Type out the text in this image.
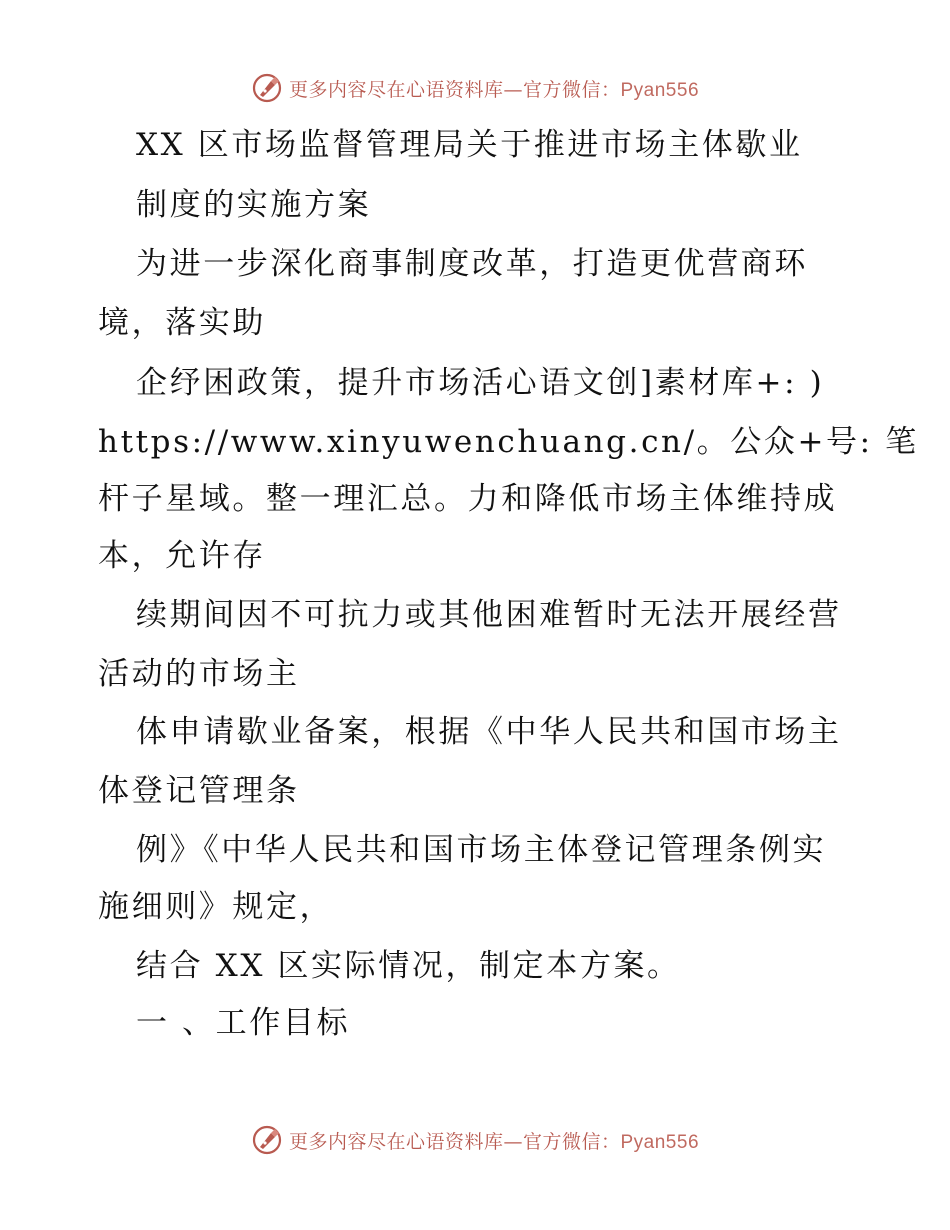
更多内容尽在心语资料库—官方微信：Pyan556
XX 区市场监督管理局关于推进市场主体歇业
制度的实施方案
为进一步深化商事制度改革，打造更优营商环
境，落实助
企纾困政策，提升市场活心语文创]素材库+: )
https://www.xinyuwenchuang.cn/。公众+号: 笔
杆子星域。整一理汇总。力和降低市场主体维持成
本，允许存
续期间因不可抗力或其他困难暂时无法开展经营
活动的市场主
体申请歇业备案，根据《中华人民共和国市场主
体登记管理条
例》《中华人民共和国市场主体登记管理条例实
施细则》规定，
结合 XX 区实际情况，制定本方案。
一 、工作目标
更多内容尽在心语资料库—官方微信：Pyan556
